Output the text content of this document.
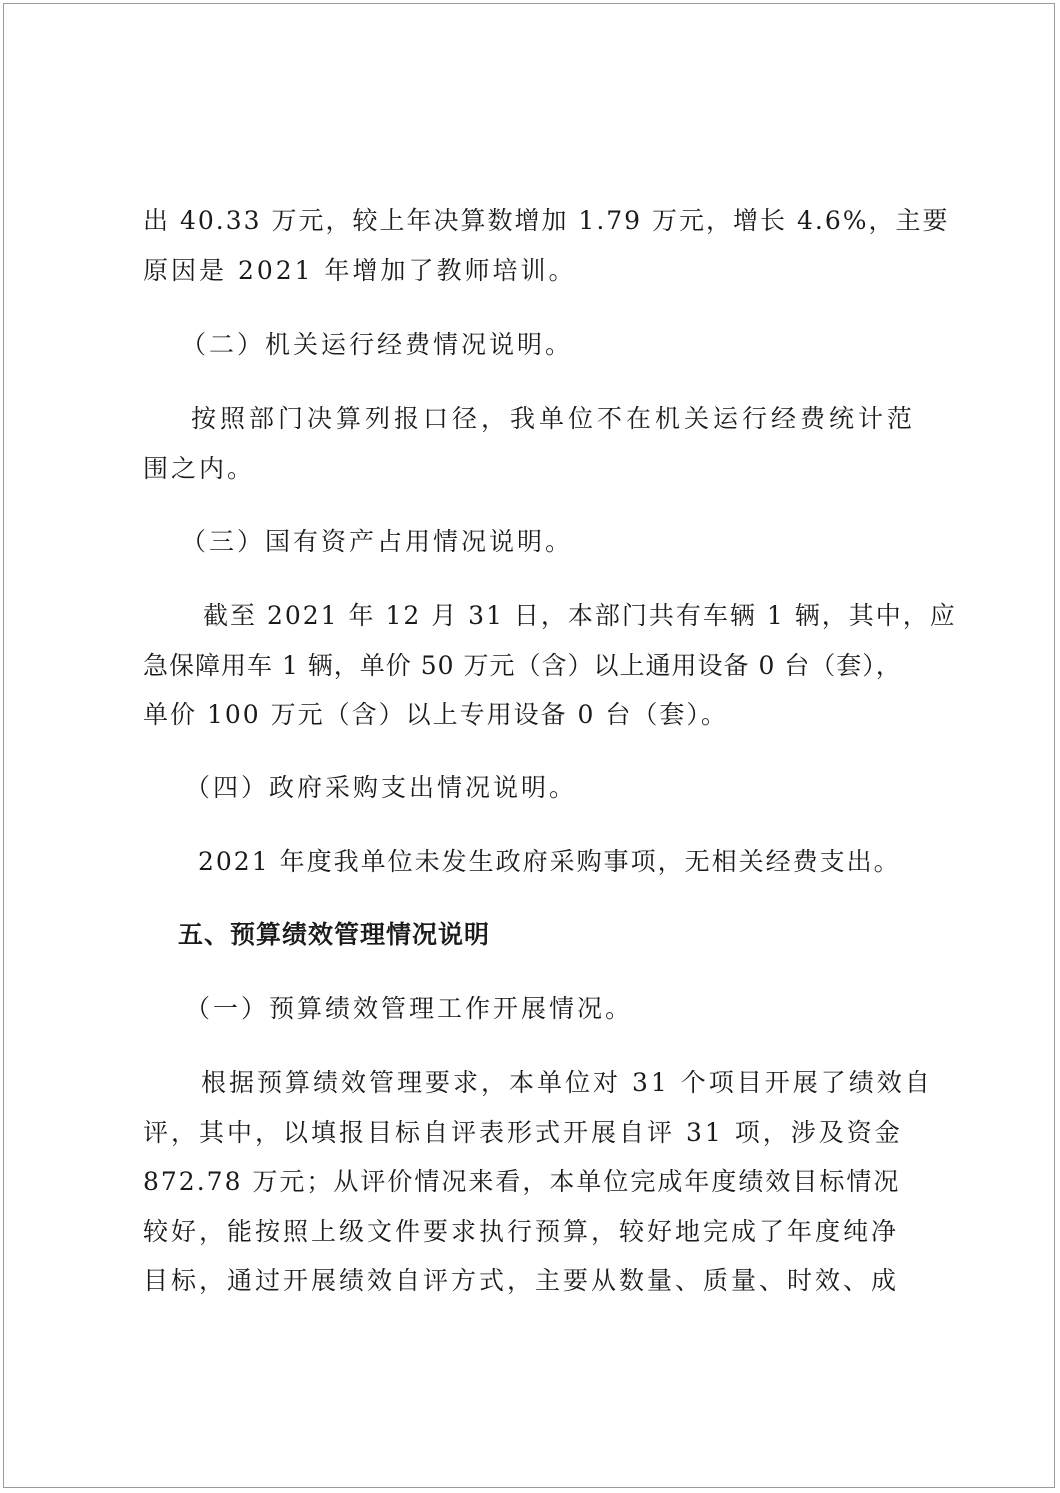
出 40.33 万元，较上年决算数增加 1.79 万元，增长 4.6%，主要
原因是 2021 年增加了教师培训。
（二）机关运行经费情况说明。
按照部门决算列报口径，我单位不在机关运行经费统计范
围之内。
（三）国有资产占用情况说明。
截至 2021 年 12 月 31 日，本部门共有车辆 1 辆，其中，应
急保障用车 1 辆，单价 50 万元（含）以上通用设备 0 台（套），
单价 100 万元（含）以上专用设备 0 台（套）。
（四）政府采购支出情况说明。
2021 年度我单位未发生政府采购事项，无相关经费支出。
五、预算绩效管理情况说明
（一）预算绩效管理工作开展情况。
根据预算绩效管理要求，本单位对 31 个项目开展了绩效自
评，其中，以填报目标自评表形式开展自评 31 项，涉及资金
872.78 万元；从评价情况来看，本单位完成年度绩效目标情况
较好，能按照上级文件要求执行预算，较好地完成了年度纯净
目标，通过开展绩效自评方式，主要从数量、质量、时效、成
